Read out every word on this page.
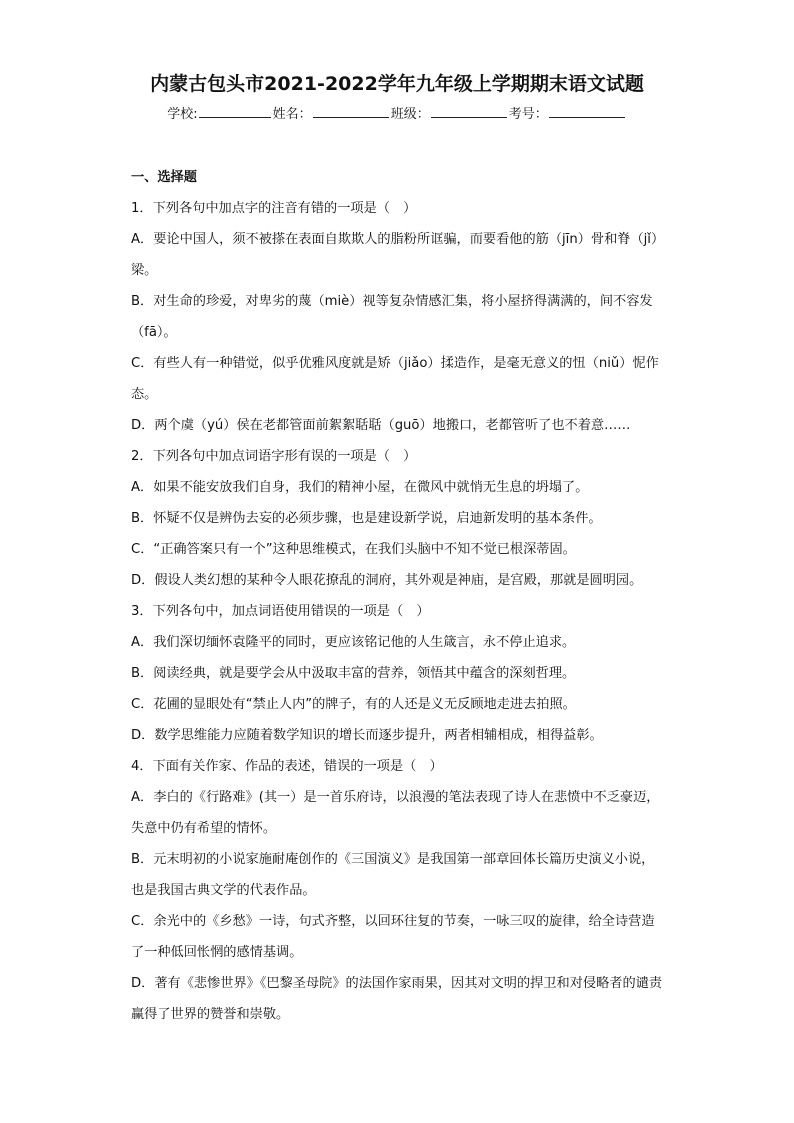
内蒙古包头市2021-2022学年九年级上学期期末语文试题
学校:	姓名：	班级：	考号：

一、选择题

1．下列各句中加点字的注音有错的一项是（　）

A．要论中国人，须不被搽在表面自欺欺人的脂粉所诓骗，而要看他的筋（jīn）骨和脊（jǐ）梁。

B．对生命的珍爱，对卑劣的蔑（miè）视等复杂情感汇集，将小屋挤得满满的，间不容发（fā）。

C．有些人有一种错觉，似乎优雅风度就是矫（jiǎo）揉造作，是毫无意义的忸（niǔ）怩作态。

D．两个虞（yú）侯在老都管面前絮絮聒聒（guō）地搬口，老都管听了也不着意……

2．下列各句中加点词语字形有误的一项是（　）

A．如果不能安放我们自身，我们的精神小屋，在微风中就悄无生息的坍塌了。

B．怀疑不仅是辨伪去妄的必须步骤，也是建设新学说，启迪新发明的基本条件。

C．“正确答案只有一个”这种思维模式，在我们头脑中不知不觉已根深蒂固。

D．假设人类幻想的某种令人眼花撩乱的洞府，其外观是神庙，是宫殿，那就是圆明园。

3．下列各句中，加点词语使用错误的一项是（　）

A．我们深切缅怀袁隆平的同时，更应该铭记他的人生箴言，永不停止追求。

B．阅读经典，就是要学会从中汲取丰富的营养，领悟其中蕴含的深刻哲理。

C．花圃的显眼处有“禁止人内”的牌子，有的人还是义无反顾地走进去拍照。

D．数学思维能力应随着数学知识的增长而逐步提升，两者相辅相成，相得益彰。

4．下面有关作家、作品的表述，错误的一项是（　）

A．李白的《行路难》(其一）是一首乐府诗，以浪漫的笔法表现了诗人在悲愤中不乏豪迈，失意中仍有希望的情怀。

B．元末明初的小说家施耐庵创作的《三国演义》是我国第一部章回体长篇历史演义小说，也是我国古典文学的代表作品。

C．余光中的《乡愁》一诗，句式齐整，以回环往复的节奏，一咏三叹的旋律，给全诗营造了一种低回怅惘的感情基调。

D．著有《悲惨世界》《巴黎圣母院》的法国作家雨果，因其对文明的捍卫和对侵略者的谴责赢得了世界的赞誉和崇敬。
